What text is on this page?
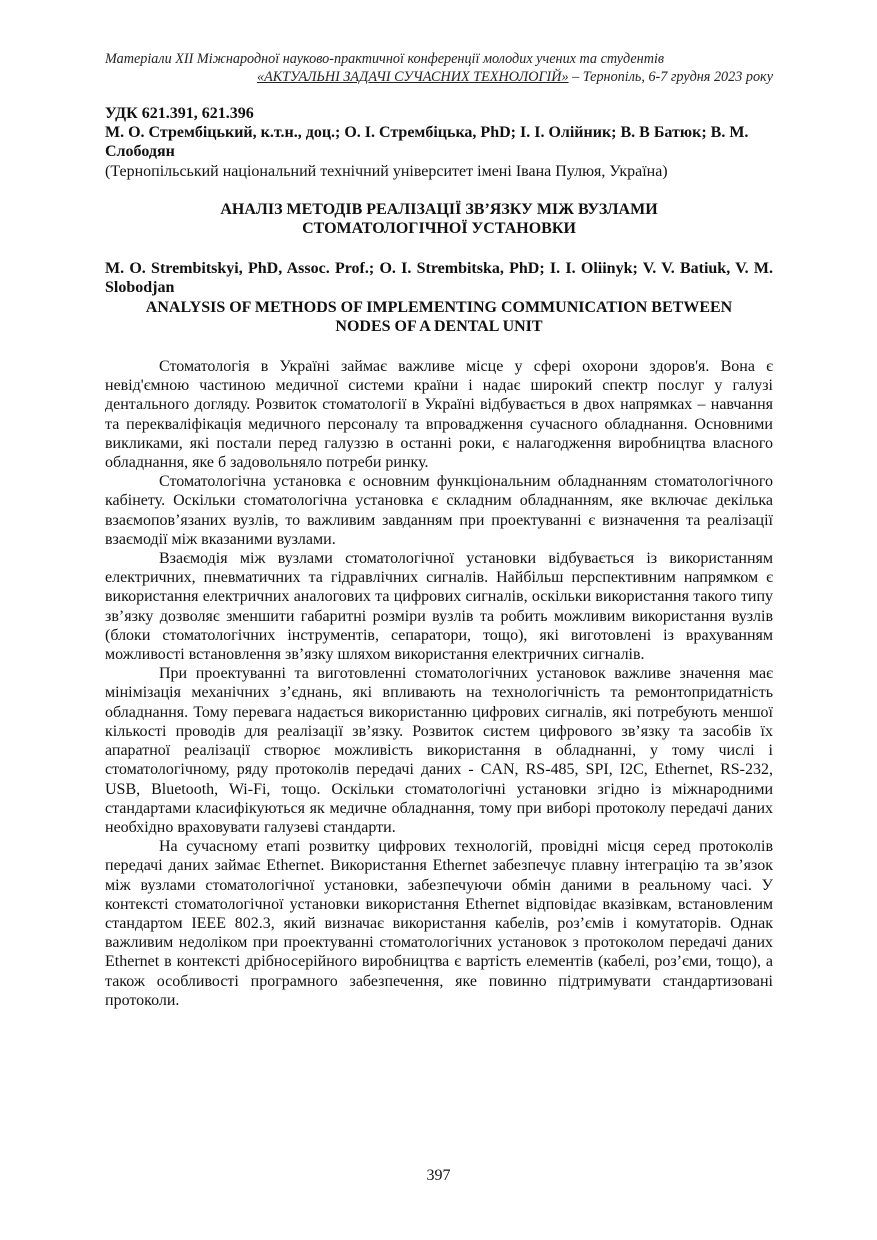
Матеріали XII Міжнародної науково-практичної конференції молодих учених та студентів
«АКТУАЛЬНІ ЗАДАЧІ СУЧАСНИХ ТЕХНОЛОГІЙ» – Тернопіль, 6-7 грудня 2023 року

УДК 621.391, 621.396

М. О. Стрембіцький, к.т.н., доц.; О. І. Стрембіцька, PhD; І. І. Олійник; В. В Батюк; В. М. Слободян

(Тернопільський національний технічний університет імені Івана Пулюя, Україна)

АНАЛІЗ МЕТОДІВ РЕАЛІЗАЦІЇ ЗВ’ЯЗКУ МІЖ ВУЗЛАМИ
СТОМАТОЛОГІЧНОЇ УСТАНОВКИ

M. O. Strembitskyi, PhD, Assoc. Prof.; O. I. Strembitska, PhD; I. I. Oliinyk; V. V. Batiuk, V. M. Slobodjan

ANALYSIS OF METHODS OF IMPLEMENTING COMMUNICATION BETWEEN
NODES OF A DENTAL UNIT

Стоматологія в Україні займає важливе місце у сфері охорони здоров'я. Вона є невід'ємною частиною медичної системи країни і надає широкий спектр послуг у галузі дентального догляду. Розвиток стоматології в Україні відбувається в двох напрямках – навчання та перекваліфікація медичного персоналу та впровадження сучасного обладнання. Основними викликами, які постали перед галуззю в останні роки, є налагодження виробництва власного обладнання, яке б задовольняло потреби ринку.

Стоматологічна установка є основним функціональним обладнанням стоматологічного кабінету. Оскільки стоматологічна установка є складним обладнанням, яке включає декілька взаємопов’язаних вузлів, то важливим завданням при проектуванні є визначення та реалізації взаємодії між вказаними вузлами.

Взаємодія між вузлами стоматологічної установки відбувається із використанням електричних, пневматичних та гідравлічних сигналів. Найбільш перспективним напрямком є використання електричних аналогових та цифрових сигналів, оскільки використання такого типу зв’язку дозволяє зменшити габаритні розміри вузлів та робить можливим використання вузлів (блоки стоматологічних інструментів, сепаратори, тощо), які виготовлені із врахуванням можливості встановлення зв’язку шляхом використання електричних сигналів.

При проектуванні та виготовленні стоматологічних установок важливе значення має мінімізація механічних з’єднань, які впливають на технологічність та ремонтопридатність обладнання. Тому перевага надається використанню цифрових сигналів, які потребують меншої кількості проводів для реалізації зв’язку. Розвиток систем цифрового зв’язку та засобів їх апаратної реалізації створює можливість використання в обладнанні, у тому числі і стоматологічному, ряду протоколів передачі даних - CAN, RS-485, SPI, I2C, Ethernet, RS-232, USB, Bluetooth, Wi-Fi, тощо. Оскільки стоматологічні установки згідно із міжнародними стандартами класифікуються як медичне обладнання, тому при виборі протоколу передачі даних необхідно враховувати галузеві стандарти.

На сучасному етапі розвитку цифрових технологій, провідні місця серед протоколів передачі даних займає Ethernet. Використання Ethernet забезпечує плавну інтеграцію та зв’язок між вузлами стоматологічної установки, забезпечуючи обмін даними в реальному часі. У контексті стоматологічної установки використання Ethernet відповідає вказівкам, встановленим стандартом IEEE 802.3, який визначає використання кабелів, роз’ємів і комутаторів. Однак важливим недоліком при проектуванні стоматологічних установок з протоколом передачі даних Ethernet в контексті дрібносерійного виробництва є вартість елементів (кабелі, роз’єми, тощо), а також особливості програмного забезпечення, яке повинно підтримувати стандартизовані протоколи.

397
